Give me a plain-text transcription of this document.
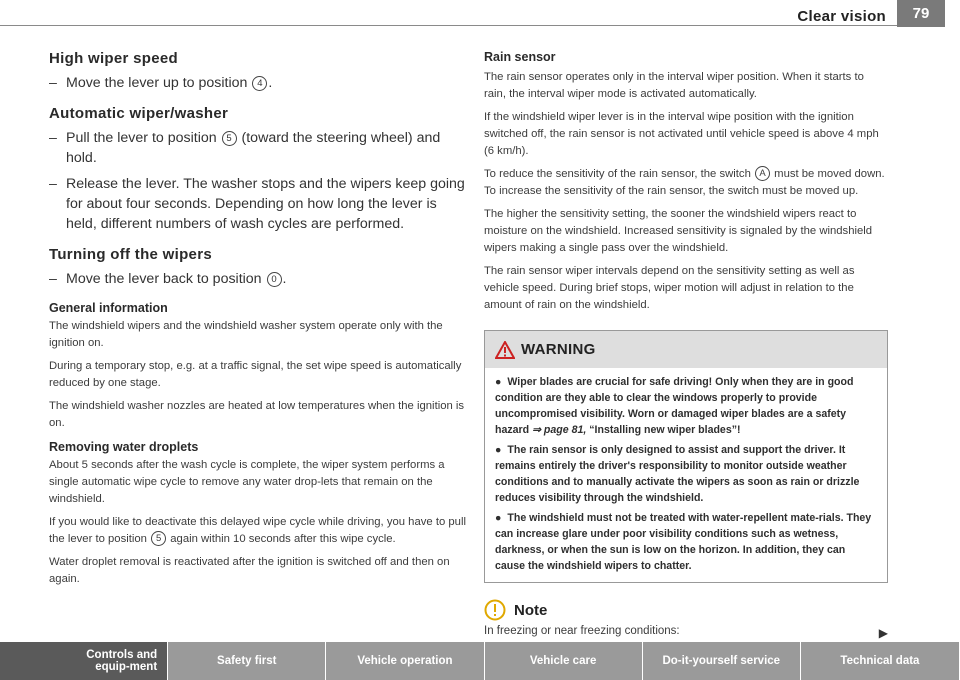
Clear vision	79
High wiper speed
– Move the lever up to position 4 .
Automatic wiper/washer
– Pull the lever to position 5 (toward the steering wheel) and hold.
– Release the lever. The washer stops and the wipers keep going for about four seconds. Depending on how long the lever is held, different numbers of wash cycles are performed.
Turning off the wipers
– Move the lever back to position 0 .
General information

The windshield wipers and the windshield washer system operate only with the ignition on.

During a temporary stop, e.g. at a traffic signal, the set wipe speed is automatically reduced by one stage.

The windshield washer nozzles are heated at low temperatures when the ignition is on.

Removing water droplets

About 5 seconds after the wash cycle is complete, the wiper system performs a single automatic wipe cycle to remove any water drop-lets that remain on the windshield.

If you would like to deactivate this delayed wipe cycle while driving, you have to pull the lever to position 5 again within 10 seconds after this wipe cycle.

Water droplet removal is reactivated after the ignition is switched off and then on again.

Rain sensor

The rain sensor operates only in the interval wiper position. When it starts to rain, the interval wiper mode is activated automatically.

If the windshield wiper lever is in the interval wipe position with the ignition switched off, the rain sensor is not activated until vehicle speed is above 4 mph (6 km/h).

To reduce the sensitivity of the rain sensor, the switch A must be moved down. To increase the sensitivity of the rain sensor, the switch must be moved up.

The higher the sensitivity setting, the sooner the windshield wipers react to moisture on the windshield. Increased sensitivity is signaled by the windshield wipers making a single pass over the windshield.

The rain sensor wiper intervals depend on the sensitivity setting as well as vehicle speed. During brief stops, wiper motion will adjust in relation to the amount of rain on the windshield.

WARNING
● Wiper blades are crucial for safe driving! Only when they are in good condition are they able to clear the windows properly to provide uncompromised visibility. Worn or damaged wiper blades are a safety hazard ⇒ page 81, “Installing new wiper blades”!
● The rain sensor is only designed to assist and support the driver. It remains entirely the driver's responsibility to monitor outside weather conditions and to manually activate the wipers as soon as rain or drizzle reduces visibility through the windshield.
● The windshield must not be treated with water-repellent mate-rials. They can increase glare under poor visibility conditions such as wetness, darkness, or when the sun is low on the horizon. In addition, they can cause the windshield wipers to chatter.
Note
In freezing or near freezing conditions:	▶
Controls and equip-ment	Safety first	Vehicle operation	Vehicle care	Do-it-yourself service	Technical data
